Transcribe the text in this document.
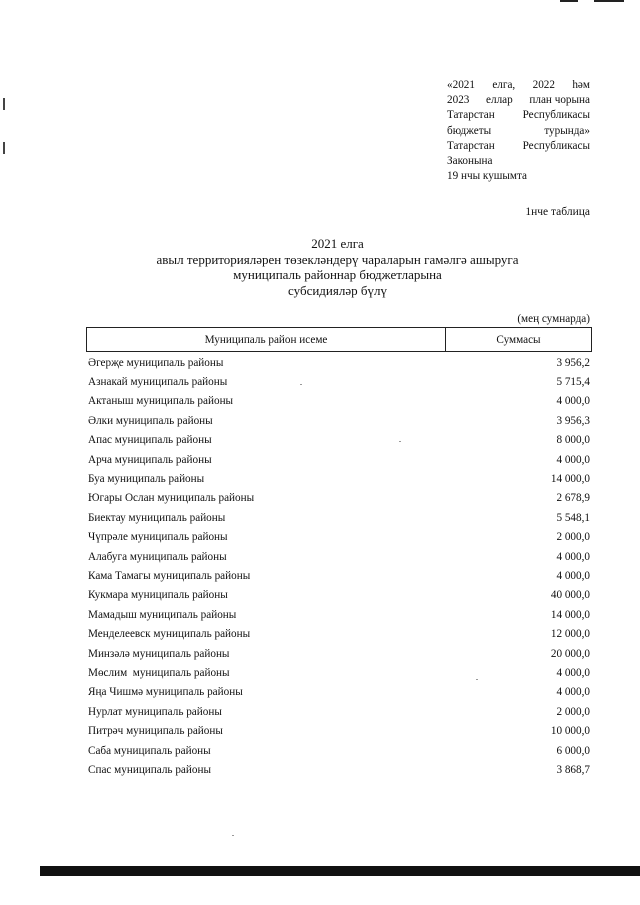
«2021 елга, 2022 һәм
2023 еллар план чорына
Татарстан Республикасы
бюджеты	турында»
Татарстан Республикасы
Законына
19 нчы кушымта
1нче таблица
2021 елга
авыл территорияләрен төзекләндерү чараларын гамәлгә ашыруга
муниципаль районнар бюджетларына
субсидияләр бүлү
(мең сумнарда)
Муниципаль район исеме	Суммасы
Әгерҗе муниципаль районы	3 956,2
Азнакай муниципаль районы	5 715,4
Актаныш муниципаль районы	4 000,0
Әлки муниципаль районы	3 956,3
Апас муниципаль районы	8 000,0
Арча муниципаль районы	4 000,0
Буа муниципаль районы	14 000,0
Югары Ослан муниципаль районы	2 678,9
Биектау муниципаль районы	5 548,1
Чүпрәле муниципаль районы	2 000,0
Алабуга муниципаль районы	4 000,0
Кама Тамагы муниципаль районы	4 000,0
Кукмара муниципаль районы	40 000,0
Мамадыш муниципаль районы	14 000,0
Менделеевск муниципаль районы	12 000,0
Минзәлә муниципаль районы	20 000,0
Мөслим  муниципаль районы	4 000,0
Яңа Чишмә муниципаль районы	4 000,0
Нурлат муниципаль районы	2 000,0
Питрәч муниципаль районы	10 000,0
Саба муниципаль районы	6 000,0
Спас муниципаль районы	3 868,7
